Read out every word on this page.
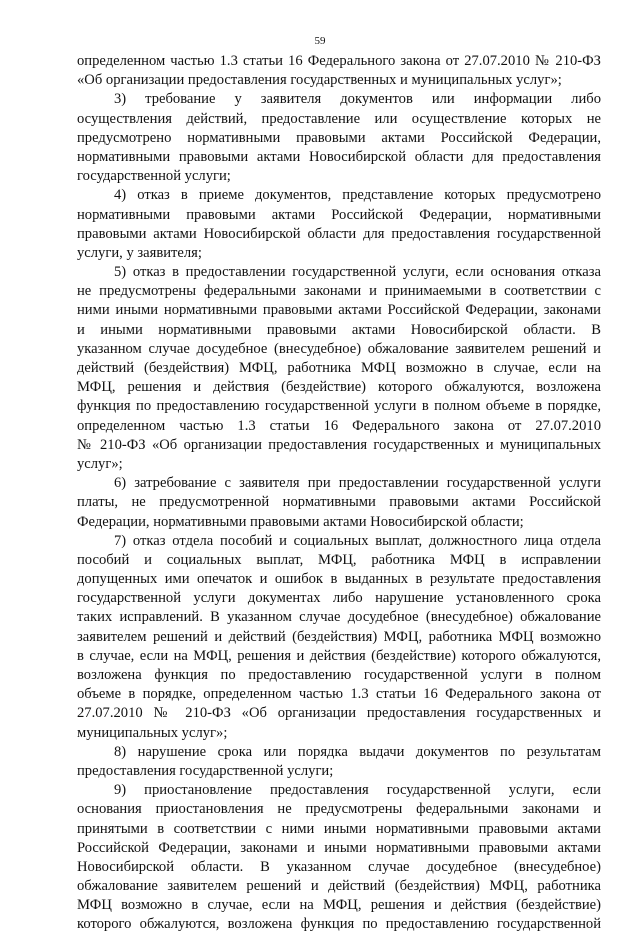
59
определенном частью 1.3 статьи 16 Федерального закона от 27.07.2010 № 210-ФЗ
«Об организации предоставления государственных и муниципальных услуг»;
3) требование у заявителя документов или информации либо
осуществления действий, предоставление или осуществление которых не
предусмотрено нормативными правовыми актами Российской Федерации,
нормативными правовыми актами Новосибирской области для предоставления
государственной услуги;
4) отказ в приеме документов, представление которых предусмотрено
нормативными правовыми актами Российской Федерации, нормативными
правовыми актами Новосибирской области для предоставления государственной
услуги, у заявителя;
5) отказ в предоставлении государственной услуги, если основания отказа
не предусмотрены федеральными законами и принимаемыми в соответствии с
ними иными нормативными правовыми актами Российской Федерации, законами
и иными нормативными правовыми актами Новосибирской области. В
указанном случае досудебное (внесудебное) обжалование заявителем решений и
действий (бездействия) МФЦ, работника МФЦ возможно в случае, если на
МФЦ, решения и действия (бездействие) которого обжалуются, возложена
функция по предоставлению государственной услуги в полном объеме в порядке,
определенном частью 1.3 статьи 16 Федерального закона от 27.07.2010
№ 210-ФЗ «Об организации предоставления государственных и муниципальных
услуг»;
6) затребование с заявителя при предоставлении государственной услуги
платы, не предусмотренной нормативными правовыми актами Российской
Федерации, нормативными правовыми актами Новосибирской области;
7) отказ отдела пособий и социальных выплат, должностного лица отдела
пособий и социальных выплат, МФЦ, работника МФЦ в исправлении
допущенных ими опечаток и ошибок в выданных в результате предоставления
государственной услуги документах либо нарушение установленного срока
таких исправлений. В указанном случае досудебное (внесудебное) обжалование
заявителем решений и действий (бездействия) МФЦ, работника МФЦ возможно
в случае, если на МФЦ, решения и действия (бездействие) которого обжалуются,
возложена функция по предоставлению государственной услуги в полном
объеме в порядке, определенном частью 1.3 статьи 16 Федерального закона от
27.07.2010 № 210-ФЗ «Об организации предоставления государственных и
муниципальных услуг»;
8) нарушение срока или порядка выдачи документов по результатам
предоставления государственной услуги;
9) приостановление предоставления государственной услуги, если
основания приостановления не предусмотрены федеральными законами и
принятыми в соответствии с ними иными нормативными правовыми актами
Российской Федерации, законами и иными нормативными правовыми актами
Новосибирской области. В указанном случае досудебное (внесудебное)
обжалование заявителем решений и действий (бездействия) МФЦ, работника
МФЦ возможно в случае, если на МФЦ, решения и действия (бездействие)
которого обжалуются, возложена функция по предоставлению государственной
